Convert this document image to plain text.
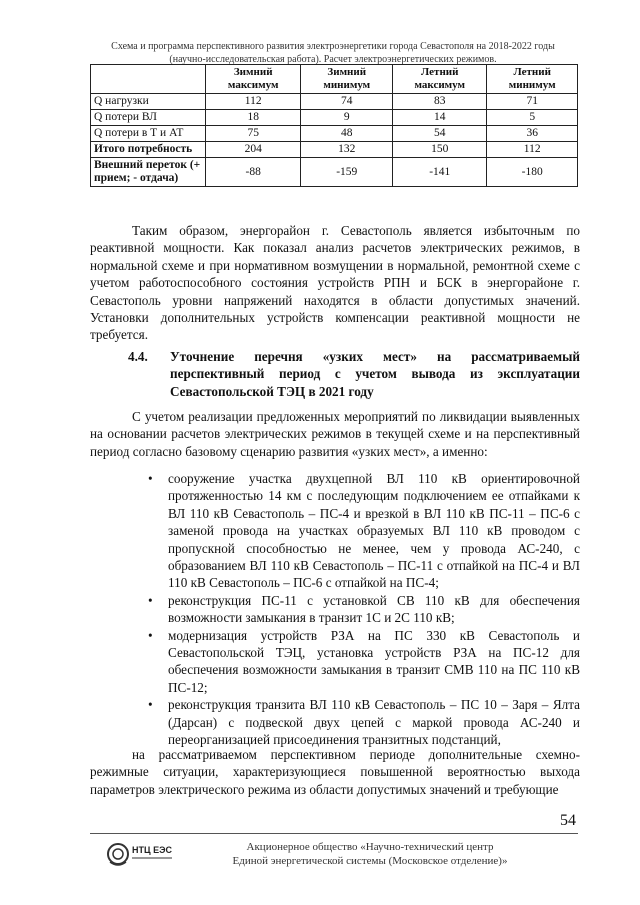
Схема и программа перспективного развития электроэнергетики города Севастополя на 2018-2022 годы
(научно-исследовательская работа). Расчет электроэнергетических режимов.
	Зимний максимум	Зимний минимум	Летний максимум	Летний минимум
Q нагрузки	112	74	83	71
Q потери ВЛ	18	9	14	5
Q потери в Т и АТ	75	48	54	36
Итого потребность	204	132	150	112
Внешний переток (+ прием; - отдача)	-88	-159	-141	-180
Таким образом, энергорайон г. Севастополь является избыточным по реактивной мощности. Как показал анализ расчетов электрических режимов, в нормальной схеме и при нормативном возмущении в нормальной, ремонтной схеме с учетом работоспособного состояния устройств РПН и БСК в энергорайоне г. Севастополь уровни напряжений находятся в области допустимых значений. Установки дополнительных устройств компенсации реактивной мощности не требуется.
4.4. Уточнение перечня «узких мест» на рассматриваемый перспективный период с учетом вывода из эксплуатации Севастопольской ТЭЦ в 2021 году
С учетом реализации предложенных мероприятий по ликвидации выявленных на основании расчетов электрических режимов в текущей схеме и на перспективный период согласно базовому сценарию развития «узких мест», а именно:
• сооружение участка двухцепной ВЛ 110 кВ ориентировочной протяженностью 14 км с последующим подключением ее отпайками к ВЛ 110 кВ Севастополь – ПС-4 и врезкой в ВЛ 110 кВ ПС-11 – ПС-6 с заменой провода на участках образуемых ВЛ 110 кВ проводом с пропускной способностью не менее, чем у провода АС-240, с образованием ВЛ 110 кВ Севастополь – ПС-11 с отпайкой на ПС-4 и ВЛ 110 кВ Севастополь – ПС-6 с отпайкой на ПС-4;
• реконструкция ПС-11 с установкой СВ 110 кВ для обеспечения возможности замыкания в транзит 1С и 2С 110 кВ;
• модернизация устройств РЗА на ПС 330 кВ Севастополь и Севастопольской ТЭЦ, установка устройств РЗА на ПС-12 для обеспечения возможности замыкания в транзит СМВ 110 на ПС 110 кВ ПС-12;
• реконструкция транзита ВЛ 110 кВ Севастополь – ПС 10 – Заря – Ялта (Дарсан) с подвеской двух цепей с маркой провода АС-240 и переорганизацией присоединения транзитных подстанций,
на рассматриваемом перспективном периоде дополнительные схемно-режимные ситуации, характеризующиеся повышенной вероятностью выхода параметров электрического режима из области допустимых значений и требующие
54
НТЦ ЕЭС	Акционерное общество «Научно-технический центр
Единой энергетической системы (Московское отделение)»
